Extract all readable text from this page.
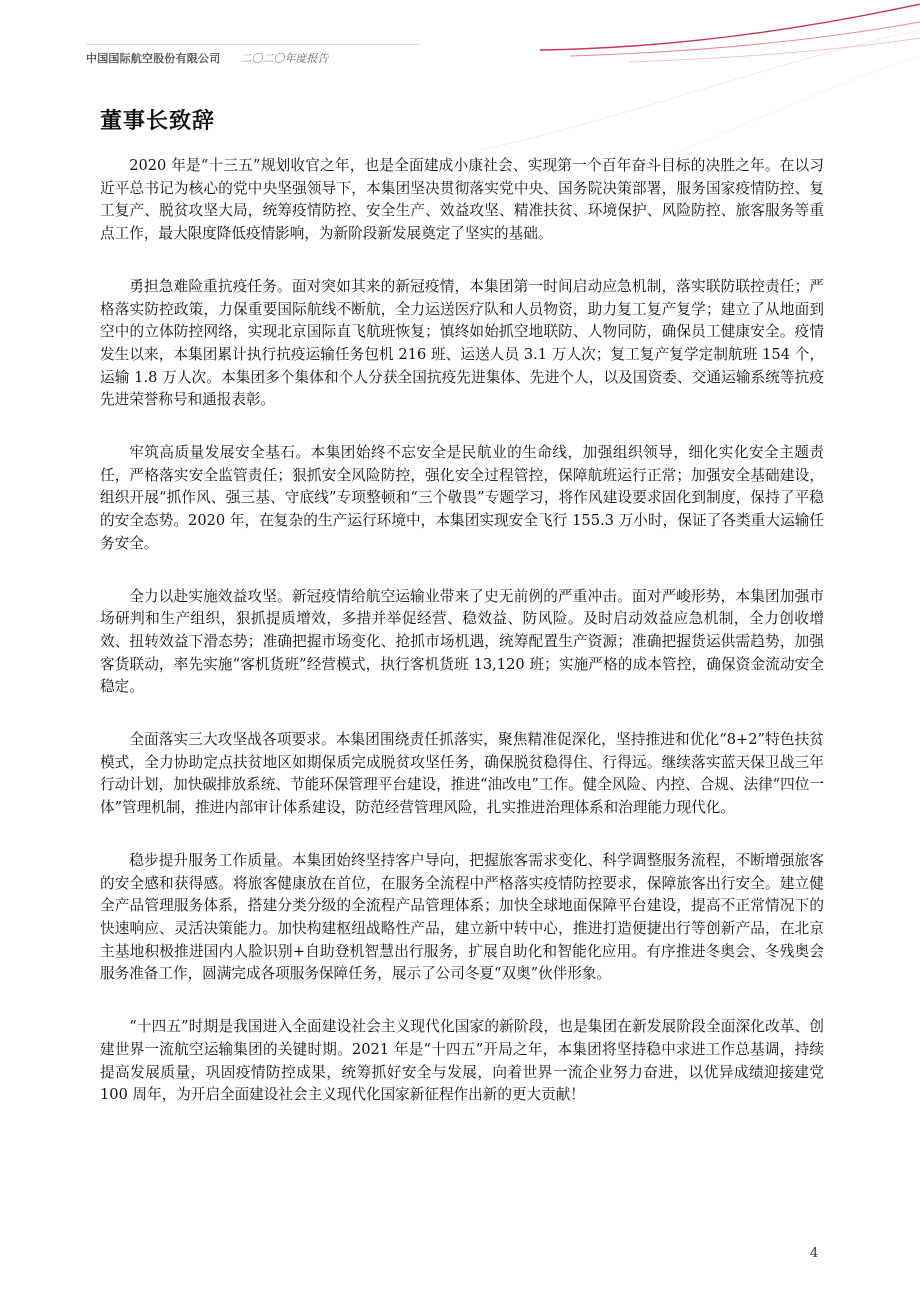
中国国际航空股份有限公司 二〇二〇年度报告
董事长致辞

2020 年是“十三五”规划收官之年，也是全面建成小康社会、实现第一个百年奋斗目标的决胜之年。在以习近平总书记为核心的党中央坚强领导下，本集团坚决贯彻落实党中央、国务院决策部署，服务国家疫情防控、复工复产、脱贫攻坚大局，统筹疫情防控、安全生产、效益攻坚、精准扶贫、环境保护、风险防控、旅客服务等重点工作，最大限度降低疫情影响，为新阶段新发展奠定了坚实的基础。

勇担急难险重抗疫任务。面对突如其来的新冠疫情，本集团第一时间启动应急机制，落实联防联控责任；严格落实防控政策，力保重要国际航线不断航，全力运送医疗队和人员物资，助力复工复产复学；建立了从地面到空中的立体防控网络，实现北京国际直飞航班恢复；慎终如始抓空地联防、人物同防，确保员工健康安全。疫情发生以来，本集团累计执行抗疫运输任务包机 216 班、运送人员 3.1 万人次；复工复产复学定制航班 154 个，运输 1.8 万人次。本集团多个集体和个人分获全国抗疫先进集体、先进个人，以及国资委、交通运输系统等抗疫先进荣誉称号和通报表彰。

牢筑高质量发展安全基石。本集团始终不忘安全是民航业的生命线，加强组织领导，细化实化安全主题责任，严格落实安全监管责任；狠抓安全风险防控，强化安全过程管控，保障航班运行正常；加强安全基础建设，组织开展“抓作风、强三基、守底线”专项整顿和“三个敬畏”专题学习，将作风建设要求固化到制度，保持了平稳的安全态势。2020 年，在复杂的生产运行环境中，本集团实现安全飞行 155.3 万小时，保证了各类重大运输任务安全。

全力以赴实施效益攻坚。新冠疫情给航空运输业带来了史无前例的严重冲击。面对严峻形势，本集团加强市场研判和生产组织，狠抓提质增效，多措并举促经营、稳效益、防风险。及时启动效益应急机制，全力创收增效、扭转效益下滑态势；准确把握市场变化、抢抓市场机遇，统筹配置生产资源；准确把握货运供需趋势，加强客货联动，率先实施“客机货班”经营模式，执行客机货班 13,120 班；实施严格的成本管控，确保资金流动安全稳定。

全面落实三大攻坚战各项要求。本集团围绕责任抓落实，聚焦精准促深化，坚持推进和优化“8+2”特色扶贫模式，全力协助定点扶贫地区如期保质完成脱贫攻坚任务，确保脱贫稳得住、行得远。继续落实蓝天保卫战三年行动计划，加快碳排放系统、节能环保管理平台建设，推进“油改电”工作。健全风险、内控、合规、法律“四位一体”管理机制，推进内部审计体系建设，防范经营管理风险，扎实推进治理体系和治理能力现代化。

稳步提升服务工作质量。本集团始终坚持客户导向，把握旅客需求变化、科学调整服务流程，不断增强旅客的安全感和获得感。将旅客健康放在首位，在服务全流程中严格落实疫情防控要求，保障旅客出行安全。建立健全产品管理服务体系，搭建分类分级的全流程产品管理体系；加快全球地面保障平台建设，提高不正常情况下的快速响应、灵活决策能力。加快构建枢纽战略性产品，建立新中转中心，推进打造便捷出行等创新产品，在北京主基地积极推进国内人脸识别+自助登机智慧出行服务，扩展自助化和智能化应用。有序推进冬奥会、冬残奥会服务准备工作，圆满完成各项服务保障任务，展示了公司冬夏“双奥”伙伴形象。

“十四五”时期是我国进入全面建设社会主义现代化国家的新阶段，也是集团在新发展阶段全面深化改革、创建世界一流航空运输集团的关键时期。2021 年是“十四五”开局之年，本集团将坚持稳中求进工作总基调，持续提高发展质量，巩固疫情防控成果，统筹抓好安全与发展，向着世界一流企业努力奋进，以优异成绩迎接建党 100 周年，为开启全面建设社会主义现代化国家新征程作出新的更大贡献！

4
